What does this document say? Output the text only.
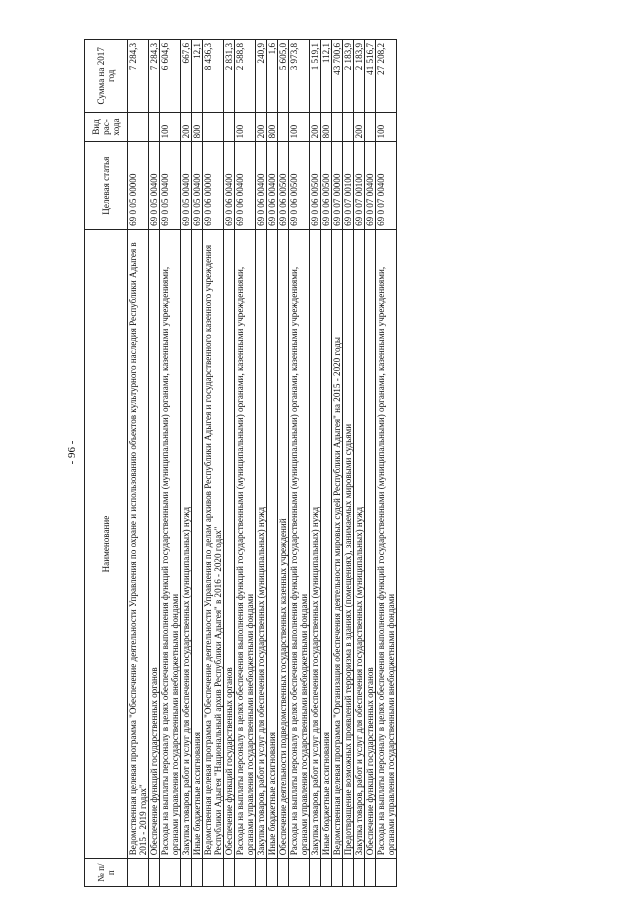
- 96 -
№ п/п	Наименование	Целевая статья	Вид рас-хода	Сумма на 2017 год
	Ведомственная целевая программа "Обеспечение деятельности Управления по охране и использованию объектов культурного наследия Республики Адыгея в 2015 - 2019 годах"	69 0 05 00000		7 284,3
	Обеспечение функций государственных органов	69 0 05 00400		7 284,3
	Расходы на выплаты персоналу в целях обеспечения выполнения функций государственными (муниципальными) органами, казенными учреждениями, органами управления государственными внебюджетными фондами	69 0 05 00400	100	6 604,6
	Закупка товаров, работ и услуг для обеспечения государственных (муниципальных) нужд	69 0 05 00400	200	667,6
	Иные бюджетные ассигнования	69 0 05 00400	800	12,1
	Ведомственная целевая программа "Обеспечение деятельности Управления по делам архивов Республики Адыгея и государственного казенного учреждения Республики Адыгея "Национальный архив Республики Адыгея" в 2016 - 2020 годах"	69 0 06 00000		8 436,3
	Обеспечение функций государственных органов	69 0 06 00400		2 831,3
	Расходы на выплаты персоналу в целях обеспечения выполнения функций государственными (муниципальными) органами, казенными учреждениями, органами управления государственными внебюджетными фондами	69 0 06 00400	100	2 588,8
	Закупка товаров, работ и услуг для обеспечения государственных (муниципальных) нужд	69 0 06 00400	200	240,9
	Иные бюджетные ассигнования	69 0 06 00400	800	1,6
	Обеспечение деятельности подведомственных государственных казенных учреждений	69 0 06 00500		5 605,0
	Расходы на выплаты персоналу в целях обеспечения выполнения функций государственными (муниципальными) органами, казенными учреждениями, органами управления государственными внебюджетными фондами	69 0 06 00500	100	3 973,8
	Закупка товаров, работ и услуг для обеспечения государственных (муниципальных) нужд	69 0 06 00500	200	1 519,1
	Иные бюджетные ассигнования	69 0 06 00500	800	112,1
	Ведомственная целевая программа "Организация обеспечения деятельности мировых судей Республики Адыгея" на 2015 - 2020 годы	69 0 07 00000		43 700,6
	Предотвращение возможных проявлений терроризма в зданиях (помещениях), занимаемых мировыми судьями	69 0 07 00100		2 183,9
	Закупка товаров, работ и услуг для обеспечения государственных (муниципальных) нужд	69 0 07 00100	200	2 183,9
	Обеспечение функций государственных органов	69 0 07 00400		41 516,7
	Расходы на выплаты персоналу в целях обеспечения выполнения функций государственными (муниципальными) органами, казенными учреждениями, органами управления государственными внебюджетными фондами	69 0 07 00400	100	27 208,2
